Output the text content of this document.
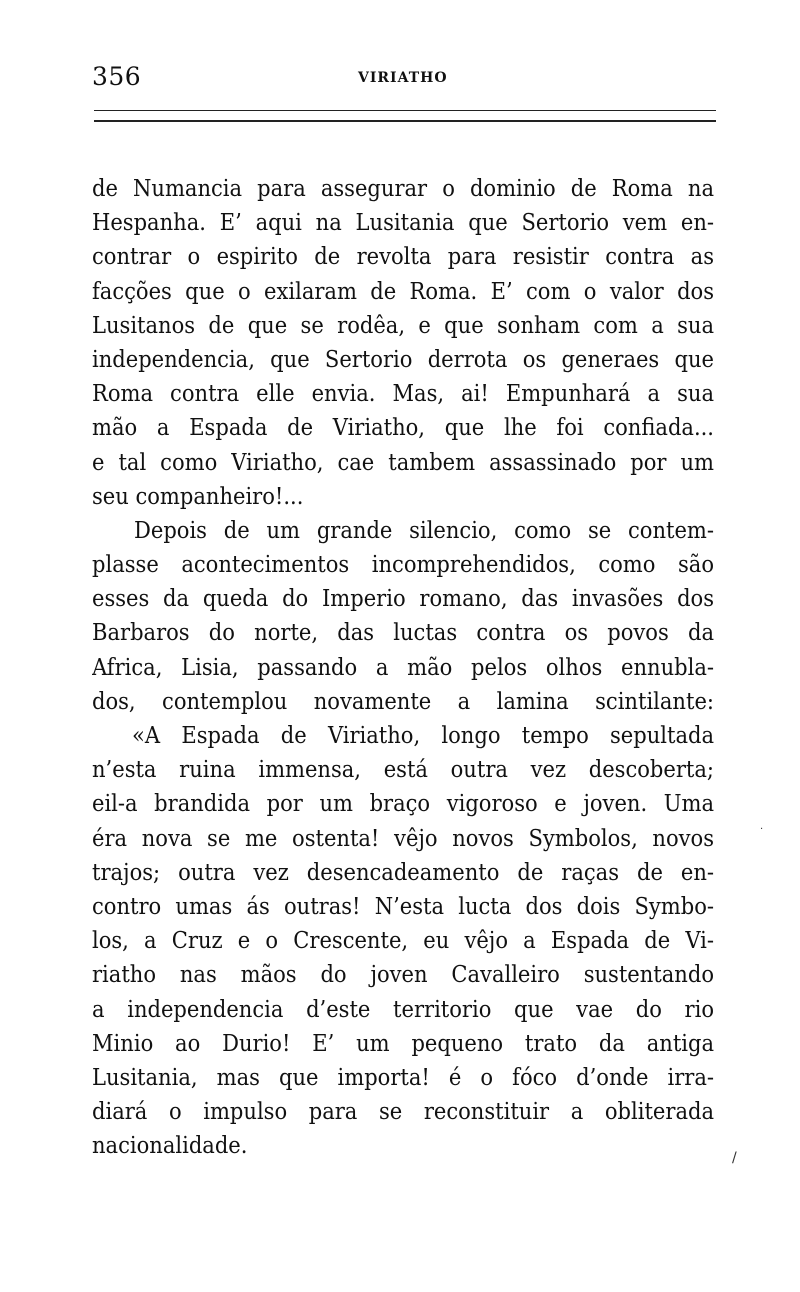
356	VIRIATHO
de Numancia para assegurar o dominio de Roma na
Hespanha. E’ aqui na Lusitania que Sertorio vem en-
contrar o espirito de revolta para resistir contra as
facções que o exilaram de Roma. E’ com o valor dos
Lusitanos de que se rodêa, e que sonham com a sua
independencia, que Sertorio derrota os generaes que
Roma contra elle envia. Mas, ai! Empunhará a sua
mão a Espada de Viriatho, que lhe foi confiada...
e tal como Viriatho, cae tambem assassinado por um
seu companheiro!...
Depois de um grande silencio, como se contem-
plasse acontecimentos incomprehendidos, como são
esses da queda do Imperio romano, das invasões dos
Barbaros do norte, das luctas contra os povos da
Africa, Lisia, passando a mão pelos olhos ennubla-
dos, contemplou novamente a lamina scintilante:
«A Espada de Viriatho, longo tempo sepultada
n’esta ruina immensa, está outra vez descoberta;
eil-a brandida por um braço vigoroso e joven. Uma
éra nova se me ostenta! vêjo novos Symbolos, novos
trajos; outra vez desencadeamento de raças de en-
contro umas ás outras! N’esta lucta dos dois Symbo-
los, a Cruz e o Crescente, eu vêjo a Espada de Vi-
riatho nas mãos do joven Cavalleiro sustentando
a independencia d’este territorio que vae do rio
Minio ao Durio! E’ um pequeno trato da antiga
Lusitania, mas que importa! é o fóco d’onde irra-
diará o impulso para se reconstituir a obliterada
nacionalidade.	/
·
